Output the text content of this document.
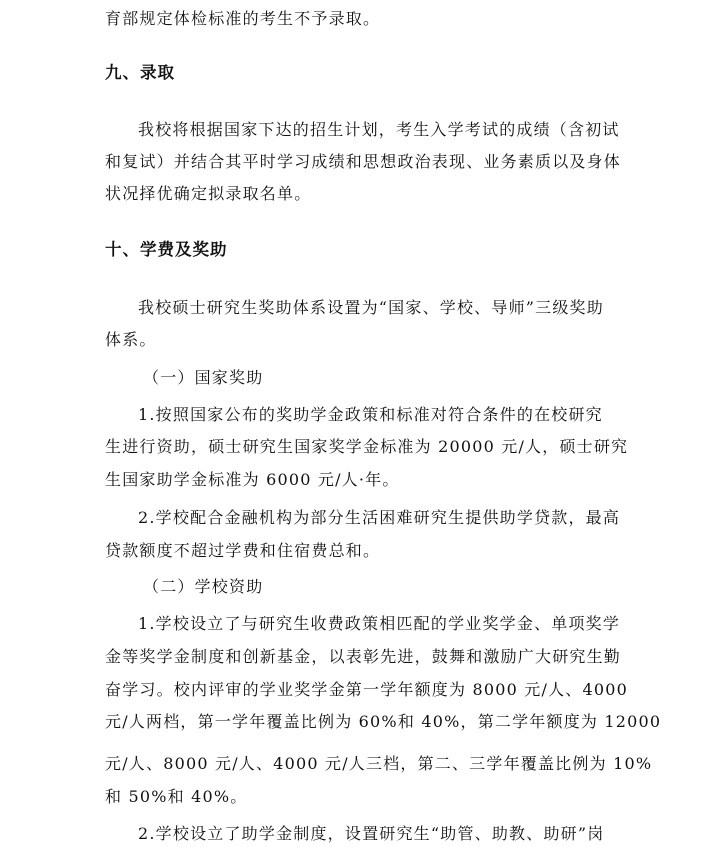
育部规定体检标准的考生不予录取。
九、录取
我校将根据国家下达的招生计划，考生入学考试的成绩（含初试
和复试）并结合其平时学习成绩和思想政治表现、业务素质以及身体
状况择优确定拟录取名单。
十、学费及奖助
我校硕士研究生奖助体系设置为“国家、学校、导师”三级奖助
体系。
（一）国家奖助
1.按照国家公布的奖助学金政策和标准对符合条件的在校研究
生进行资助，硕士研究生国家奖学金标准为 20000 元/人，硕士研究
生国家助学金标准为 6000 元/人·年。
2.学校配合金融机构为部分生活困难研究生提供助学贷款，最高
贷款额度不超过学费和住宿费总和。
（二）学校资助
1.学校设立了与研究生收费政策相匹配的学业奖学金、单项奖学
金等奖学金制度和创新基金，以表彰先进，鼓舞和激励广大研究生勤
奋学习。校内评审的学业奖学金第一学年额度为 8000 元/人、4000
元/人两档，第一学年覆盖比例为 60%和 40%，第二学年额度为 12000
元/人、8000 元/人、4000 元/人三档，第二、三学年覆盖比例为 10%
和 50%和 40%。
2.学校设立了助学金制度，设置研究生“助管、助教、助研”岗
